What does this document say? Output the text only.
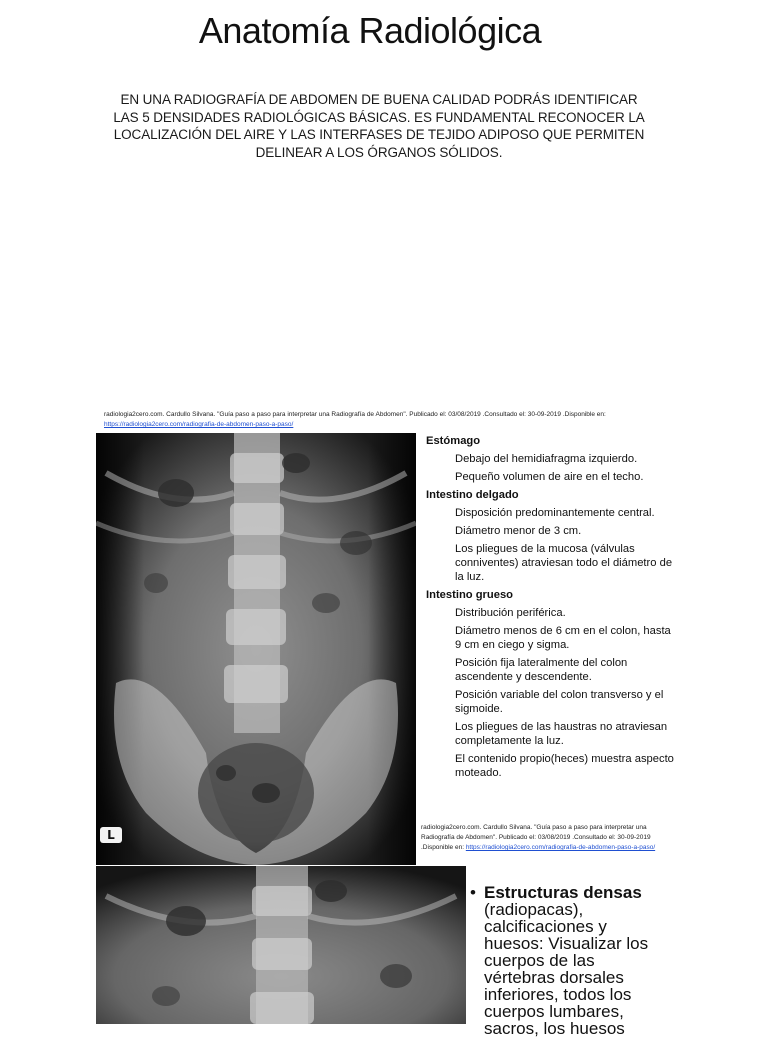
Anatomía Radiológica
EN UNA RADIOGRAFÍA DE ABDOMEN DE BUENA CALIDAD PODRÁS IDENTIFICAR LAS 5 DENSIDADES RADIOLÓGICAS BÁSICAS. ES FUNDAMENTAL RECONOCER LA LOCALIZACIÓN DEL AIRE Y LAS INTERFASES DE TEJIDO ADIPOSO QUE PERMITEN DELINEAR A LOS ÓRGANOS SÓLIDOS.
radiologia2cero.com. Cardullo Silvana. "Guía paso a paso para interpretar una Radiografía de Abdomen". Publicado el: 03/08/2019 .Consultado el: 30-09-2019 .Disponible en: https://radiologia2cero.com/radiografia-de-abdomen-paso-a-paso/
L
Estómago
Debajo del hemidiafragma izquierdo.
Pequeño volumen de aire en el techo.
Intestino delgado
Disposición predominantemente central.
Diámetro menor de 3 cm.
Los pliegues de la mucosa (válvulas conniventes) atraviesan todo el diámetro de la luz.
Intestino grueso
Distribución periférica.
Diámetro menos de 6 cm en el colon, hasta 9 cm en ciego y sigma.
Posición fija lateralmente del colon ascendente y descendente.
Posición variable del colon transverso y el sigmoide.
Los pliegues de las haustras no atraviesan completamente la luz.
El contenido propio(heces) muestra aspecto moteado.
radiologia2cero.com. Cardullo Silvana. "Guía paso a paso para interpretar una Radiografía de Abdomen". Publicado el: 03/08/2019 .Consultado el: 30-09-2019 .Disponible en: https://radiologia2cero.com/radiografia-de-abdomen-paso-a-paso/
• Estructuras densas (radiopacas), calcificaciones y huesos: Visualizar los cuerpos de las vértebras dorsales inferiores, todos los cuerpos lumbares, sacros, los huesos
